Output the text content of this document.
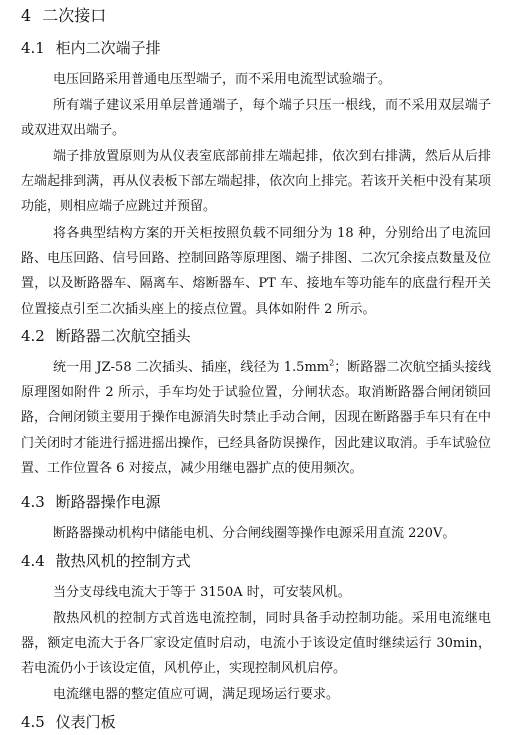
4 二次接口
4.1 柜内二次端子排
电压回路采用普通电压型端子，而不采用电流型试验端子。
所有端子建议采用单层普通端子，每个端子只压一根线，而不采用双层端子或双进双出端子。
端子排放置原则为从仪表室底部前排左端起排，依次到右排满，然后从后排左端起排到满，再从仪表板下部左端起排，依次向上排完。若该开关柜中没有某项功能，则相应端子应跳过并预留。
将各典型结构方案的开关柜按照负载不同细分为 18 种，分别给出了电流回路、电压回路、信号回路、控制回路等原理图、端子排图、二次冗余接点数量及位置，以及断路器车、隔离车、熔断器车、PT 车、接地车等功能车的底盘行程开关位置接点引至二次插头座上的接点位置。具体如附件 2 所示。
4.2 断路器二次航空插头
统一用 JZ-58 二次插头、插座，线径为 $1.5mm^2$；断路器二次航空插头接线原理图如附件 2 所示，手车均处于试验位置，分闸状态。取消断路器合闸闭锁回路，合闸闭锁主要用于操作电源消失时禁止手动合闸，因现在断路器手车只有在中门关闭时才能进行摇进摇出操作，已经具备防误操作，因此建议取消。手车试验位置、工作位置各 6 对接点，减少用继电器扩点的使用频次。
4.3 断路器操作电源
断路器操动机构中储能电机、分合闸线圈等操作电源采用直流 220V。
4.4 散热风机的控制方式
当分支母线电流大于等于 3150A 时，可安装风机。
散热风机的控制方式首选电流控制，同时具备手动控制功能。采用电流继电器，额定电流大于各厂家设定值时启动，电流小于该设定值时继续运行 30min，若电流仍小于该设定值，风机停止，实现控制风机启停。
电流继电器的整定值应可调，满足现场运行要求。
4.5 仪表门板
